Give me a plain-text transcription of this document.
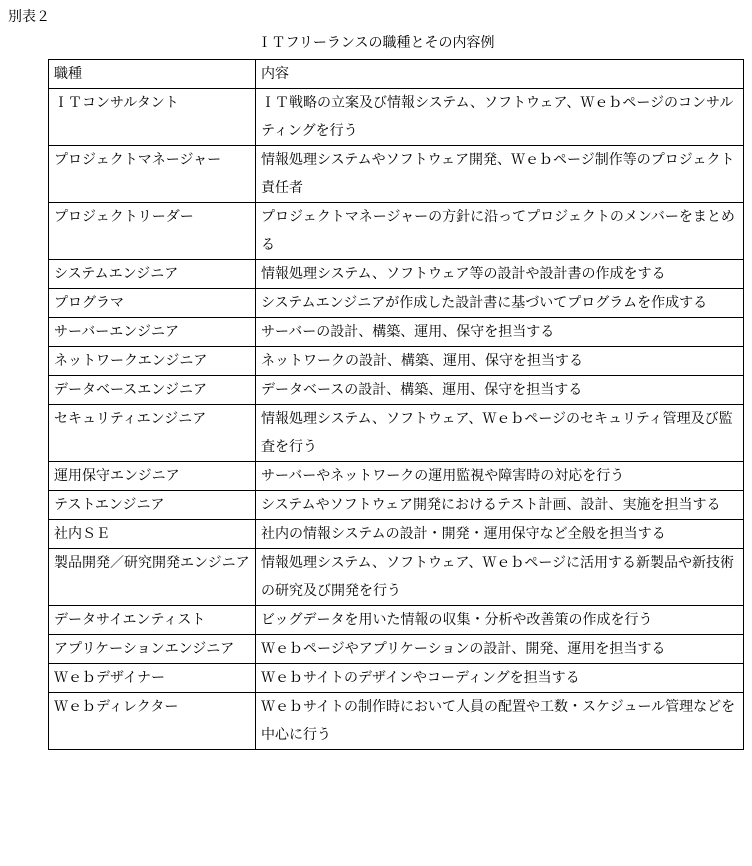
別表２
ＩＴフリーランスの職種とその内容例
職種	内容
ＩＴコンサルタント	ＩＴ戦略の立案及び情報システム、ソフトウェア、Ｗｅｂページのコンサルティングを行う
プロジェクトマネージャー	情報処理システムやソフトウェア開発、Ｗｅｂページ制作等のプロジェクト責任者
プロジェクトリーダー	プロジェクトマネージャーの方針に沿ってプロジェクトのメンバーをまとめる
システムエンジニア	情報処理システム、ソフトウェア等の設計や設計書の作成をする
プログラマ	システムエンジニアが作成した設計書に基づいてプログラムを作成する
サーバーエンジニア	サーバーの設計、構築、運用、保守を担当する
ネットワークエンジニア	ネットワークの設計、構築、運用、保守を担当する
データベースエンジニア	データベースの設計、構築、運用、保守を担当する
セキュリティエンジニア	情報処理システム、ソフトウェア、Ｗｅｂページのセキュリティ管理及び監査を行う
運用保守エンジニア	サーバーやネットワークの運用監視や障害時の対応を行う
テストエンジニア	システムやソフトウェア開発におけるテスト計画、設計、実施を担当する
社内ＳＥ	社内の情報システムの設計・開発・運用保守など全般を担当する
製品開発／研究開発エンジニア	情報処理システム、ソフトウェア、Ｗｅｂページに活用する新製品や新技術の研究及び開発を行う
データサイエンティスト	ビッグデータを用いた情報の収集・分析や改善策の作成を行う
アプリケーションエンジニア	Ｗｅｂページやアプリケーションの設計、開発、運用を担当する
Ｗｅｂデザイナー	Ｗｅｂサイトのデザインやコーディングを担当する
Ｗｅｂディレクター	Ｗｅｂサイトの制作時において人員の配置や工数・スケジュール管理などを中心に行う
